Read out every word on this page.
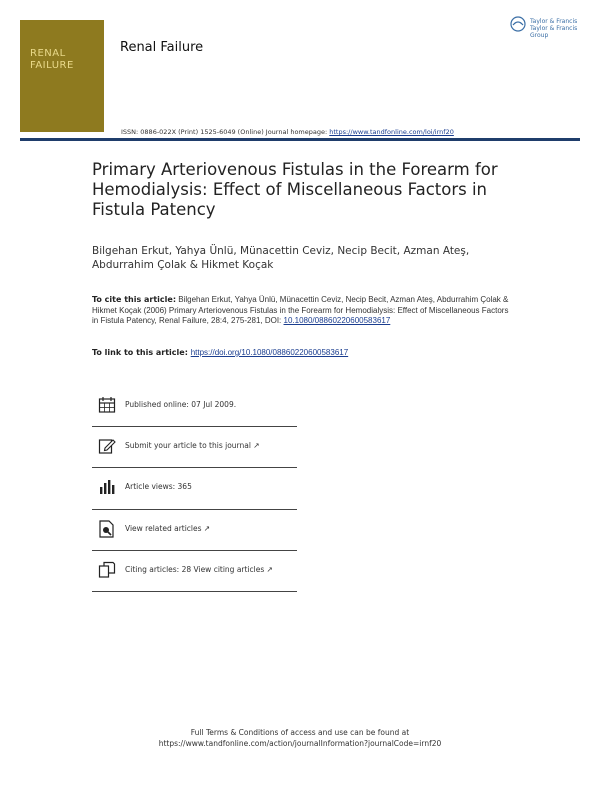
RENAL
FAILURE
Renal Failure
Taylor & Francis
Taylor & Francis Group
ISSN: 0886-022X (Print) 1525-6049 (Online) Journal homepage: https://www.tandfonline.com/loi/irnf20
Primary Arteriovenous Fistulas in the Forearm for Hemodialysis: Effect of Miscellaneous Factors in Fistula Patency
Bilgehan Erkut, Yahya Ünlü, Münacettin Ceviz, Necip Becit, Azman Ateş, Abdurrahim Çolak & Hikmet Koçak
To cite this article: Bilgehan Erkut, Yahya Ünlü, Münacettin Ceviz, Necip Becit, Azman Ateş, Abdurrahim Çolak & Hikmet Koçak (2006) Primary Arteriovenous Fistulas in the Forearm for Hemodialysis: Effect of Miscellaneous Factors in Fistula Patency, Renal Failure, 28:4, 275-281, DOI: 10.1080/08860220600583617
To link to this article: https://doi.org/10.1080/08860220600583617
Published online: 07 Jul 2009.
Submit your article to this journal ↗
Article views: 365
View related articles ↗
Citing articles: 28 View citing articles ↗
Full Terms & Conditions of access and use can be found at
https://www.tandfonline.com/action/journalInformation?journalCode=irnf20
